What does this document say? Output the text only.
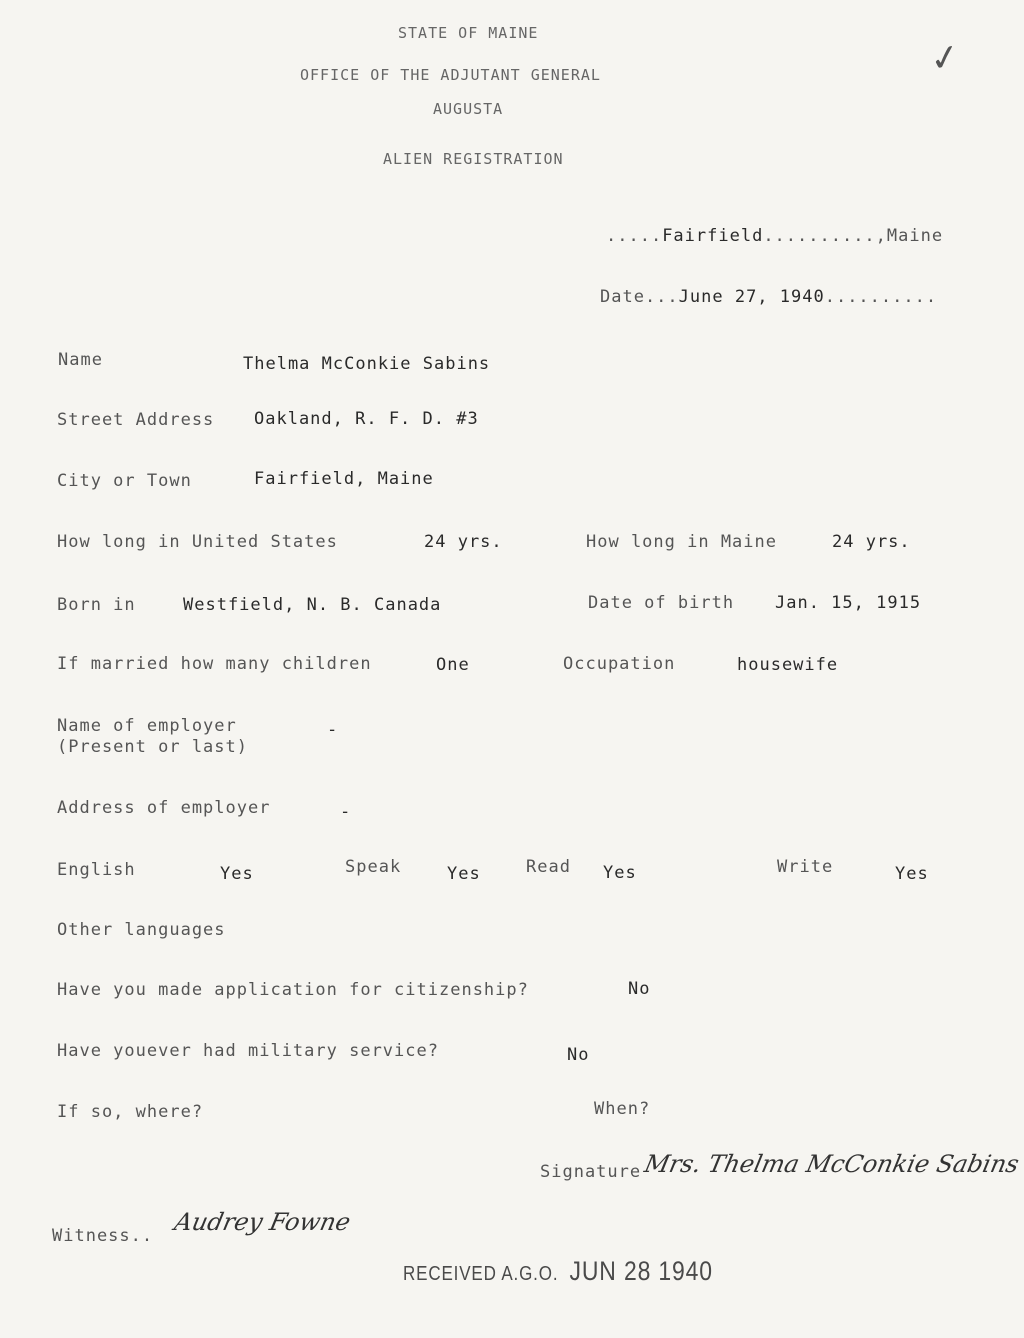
STATE OF MAINE
OFFICE OF THE ADJUTANT GENERAL
AUGUSTA
ALIEN REGISTRATION
✓
.....Fairfield..........,Maine
Date...June 27, 1940..........
Name	Thelma McConkie Sabins
Street Address Oakland, R. F. D. #3
City or Town	Fairfield, Maine
How long in United States	24 yrs.	How long in Maine	24 yrs.
Born in	Westfield, N. B. Canada	Date of birth Jan. 15, 1915
If married how many children	One	Occupation	housewife
Name of employer
(Present or last)
-
Address of employer	-
English	Yes	Speak	Yes	Read Yes	Write	Yes
Other languages
Have you made application for citizenship?	No
Have youever had military service?	No
If so, where?	When?
Signature Mrs. Thelma McConkie Sabins
Witness.. Audrey Fowne
RECEIVED A.G.O. JUN 28 1940
